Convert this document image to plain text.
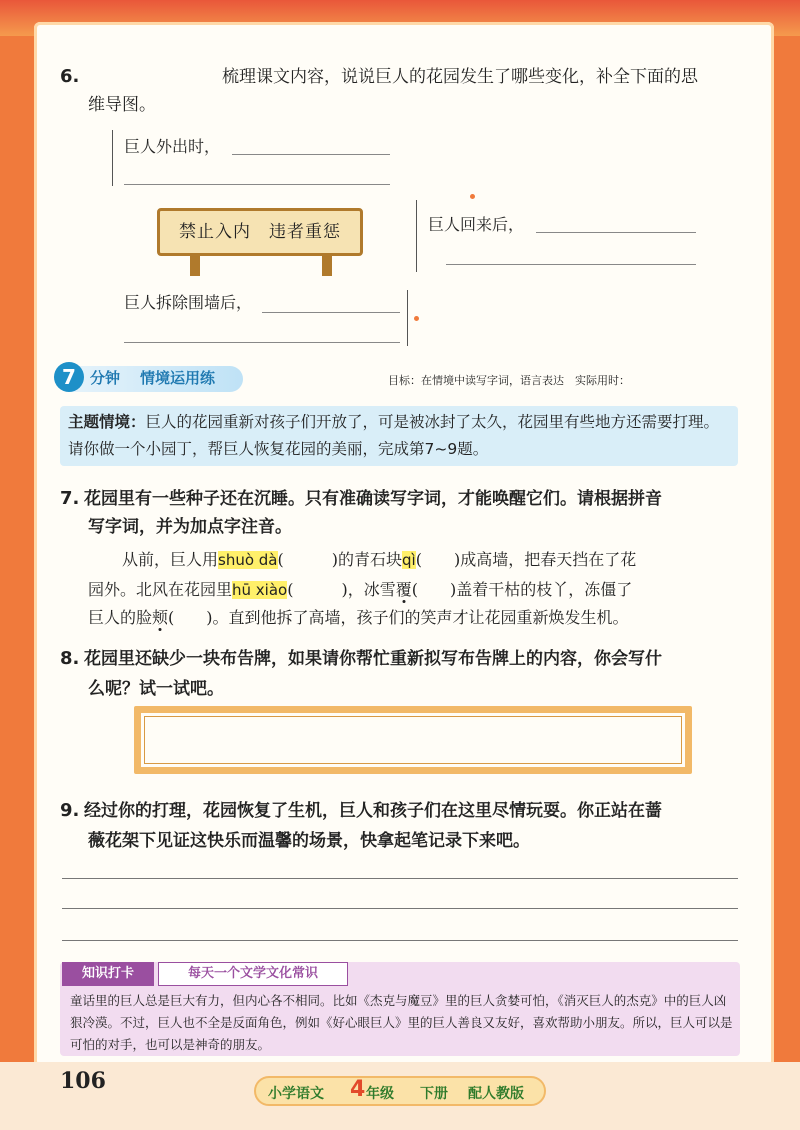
6.	梳理课文内容，说说巨人的花园发生了哪些变化，补全下面的思
维导图。
巨人外出时，
禁止入内　违者重惩	巨人回来后，
巨人拆除围墙后，
7 分钟 情境运用练	目标：在情境中读写字词，语言表达　实际用时：
主题情境：巨人的花园重新对孩子们开放了，可是被冰封了太久，花园里有些地方还需要打理。请你做一个小园丁，帮巨人恢复花园的美丽，完成第7~9题。
7. 花园里有一些种子还在沉睡。只有准确读写字词，才能唤醒它们。请根据拼音
写字词，并为加点字注音。
从前，巨人用shuò dà(　　　)的青石块qì(　　)成高墙，把春天挡在了花
园外。北风在花园里hū xiào(　　　)，冰雪覆(　　)盖着干枯的枝丫，冻僵了
巨人的脸颊(　　)。直到他拆了高墙，孩子们的笑声才让花园重新焕发生机。
8. 花园里还缺少一块布告牌，如果请你帮忙重新拟写布告牌上的内容，你会写什
么呢？试一试吧。
9. 经过你的打理，花园恢复了生机，巨人和孩子们在这里尽情玩耍。你正站在蔷
薇花架下见证这快乐而温馨的场景，快拿起笔记录下来吧。
知识打卡	每天一个文学文化常识
童话里的巨人总是巨大有力，但内心各不相同。比如《杰克与魔豆》里的巨人贪婪可怕，《消灭巨人的杰克》中的巨人凶狠冷漠。不过，巨人也不全是反面角色，例如《好心眼巨人》里的巨人善良又友好，喜欢帮助小朋友。所以，巨人可以是可怕的对手，也可以是神奇的朋友。
106	小学语文 4 年级 下册 配人教版
